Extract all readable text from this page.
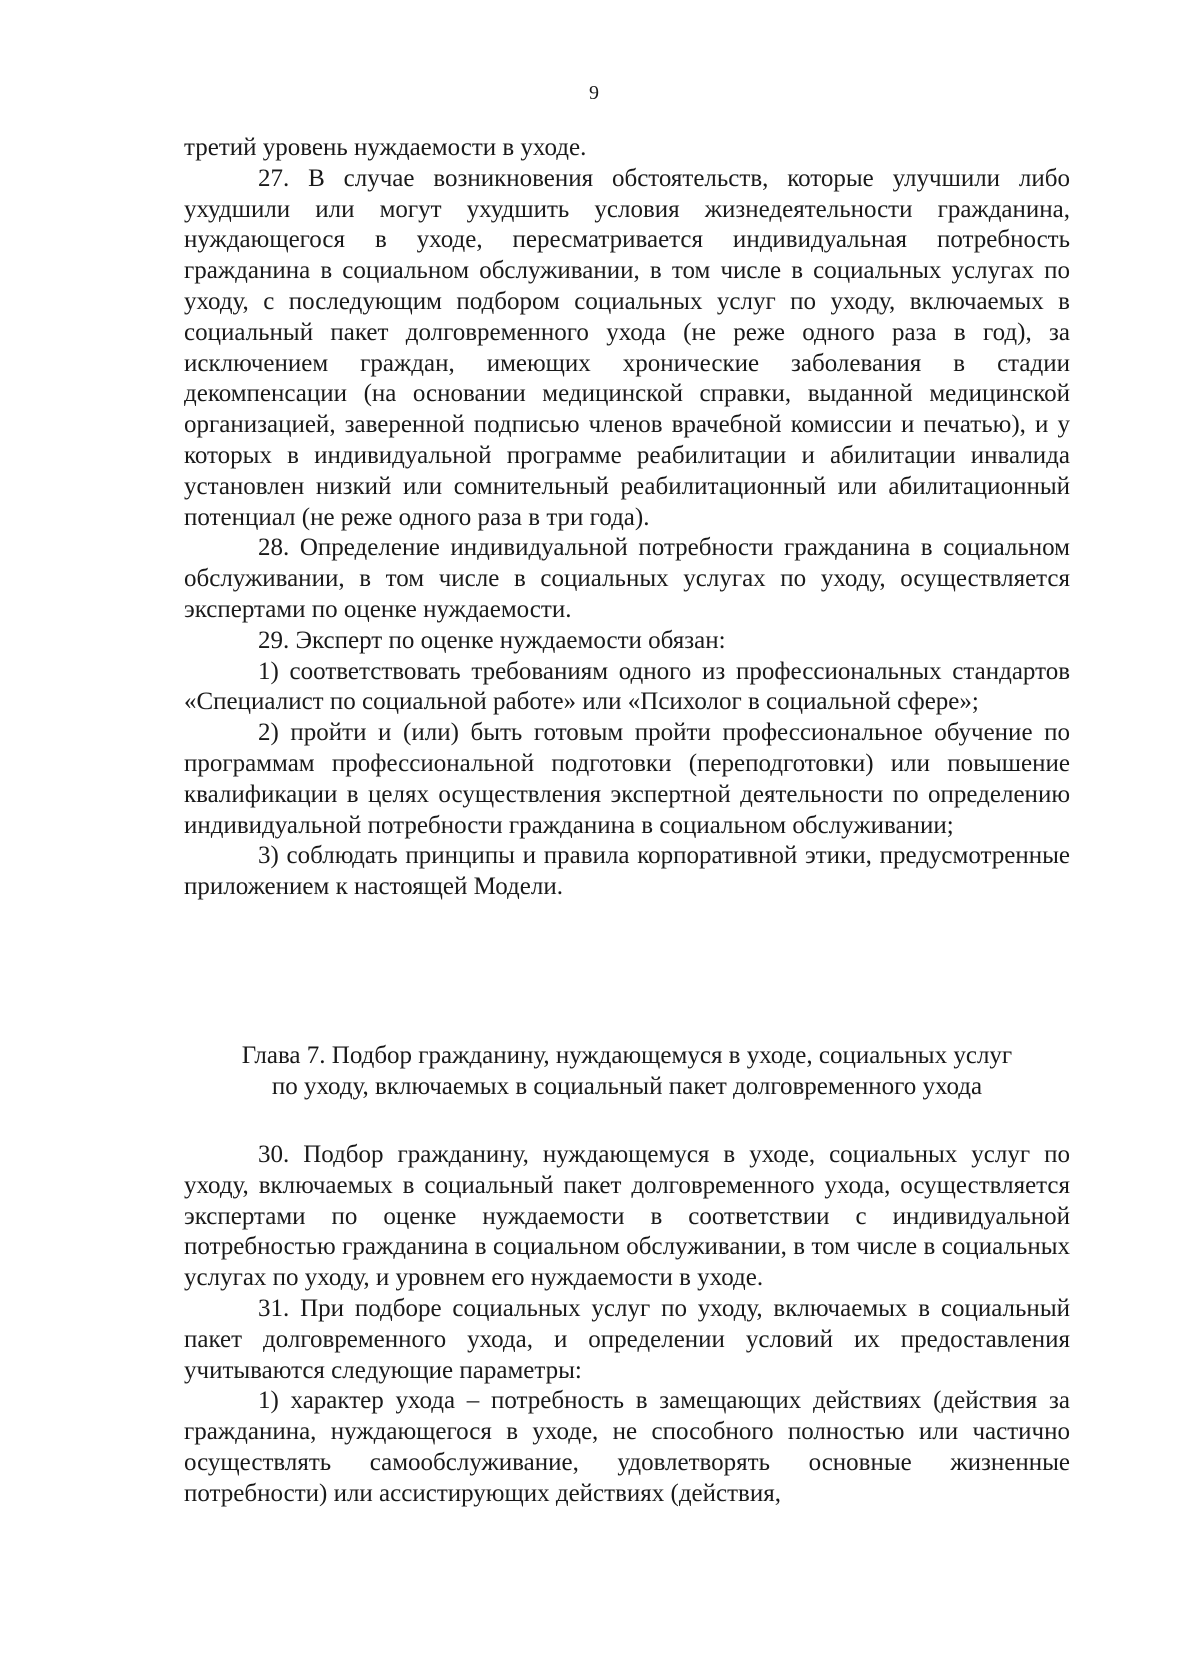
9

третий уровень нуждаемости в уходе.

27. В случае возникновения обстоятельств, которые улучшили либо ухудшили или могут ухудшить условия жизнедеятельности гражданина, нуждающегося в уходе, пересматривается индивидуальная потребность гражданина в социальном обслуживании, в том числе в социальных услугах по уходу, с последующим подбором социальных услуг по уходу, включаемых в социальный пакет долговременного ухода (не реже одного раза в год), за исключением граждан, имеющих хронические заболевания в стадии декомпенсации (на основании медицинской справки, выданной медицинской организацией, заверенной подписью членов врачебной комиссии и печатью), и у которых в индивидуальной программе реабилитации и абилитации инвалида установлен низкий или сомнительный реабилитационный или абилитационный потенциал (не реже одного раза в три года).

28. Определение индивидуальной потребности гражданина в социальном обслуживании, в том числе в социальных услугах по уходу, осуществляется экспертами по оценке нуждаемости.

29. Эксперт по оценке нуждаемости обязан:

1) соответствовать требованиям одного из профессиональных стандартов «Специалист по социальной работе» или «Психолог в социальной сфере»;

2) пройти и (или) быть готовым пройти профессиональное обучение по программам профессиональной подготовки (переподготовки) или повышение квалификации в целях осуществления экспертной деятельности по определению индивидуальной потребности гражданина в социальном обслуживании;

3) соблюдать принципы и правила корпоративной этики, предусмотренные приложением к настоящей Модели.

Глава 7. Подбор гражданину, нуждающемуся в уходе, социальных услуг
по уходу, включаемых в социальный пакет долговременного ухода

30. Подбор гражданину, нуждающемуся в уходе, социальных услуг по уходу, включаемых в социальный пакет долговременного ухода, осуществляется экспертами по оценке нуждаемости в соответствии с индивидуальной потребностью гражданина в социальном обслуживании, в том числе в социальных услугах по уходу, и уровнем его нуждаемости в уходе.

31. При подборе социальных услуг по уходу, включаемых в социальный пакет долговременного ухода, и определении условий их предоставления учитываются следующие параметры:

1) характер ухода – потребность в замещающих действиях (действия за гражданина, нуждающегося в уходе, не способного полностью или частично осуществлять самообслуживание, удовлетворять основные жизненные потребности) или ассистирующих действиях (действия,
